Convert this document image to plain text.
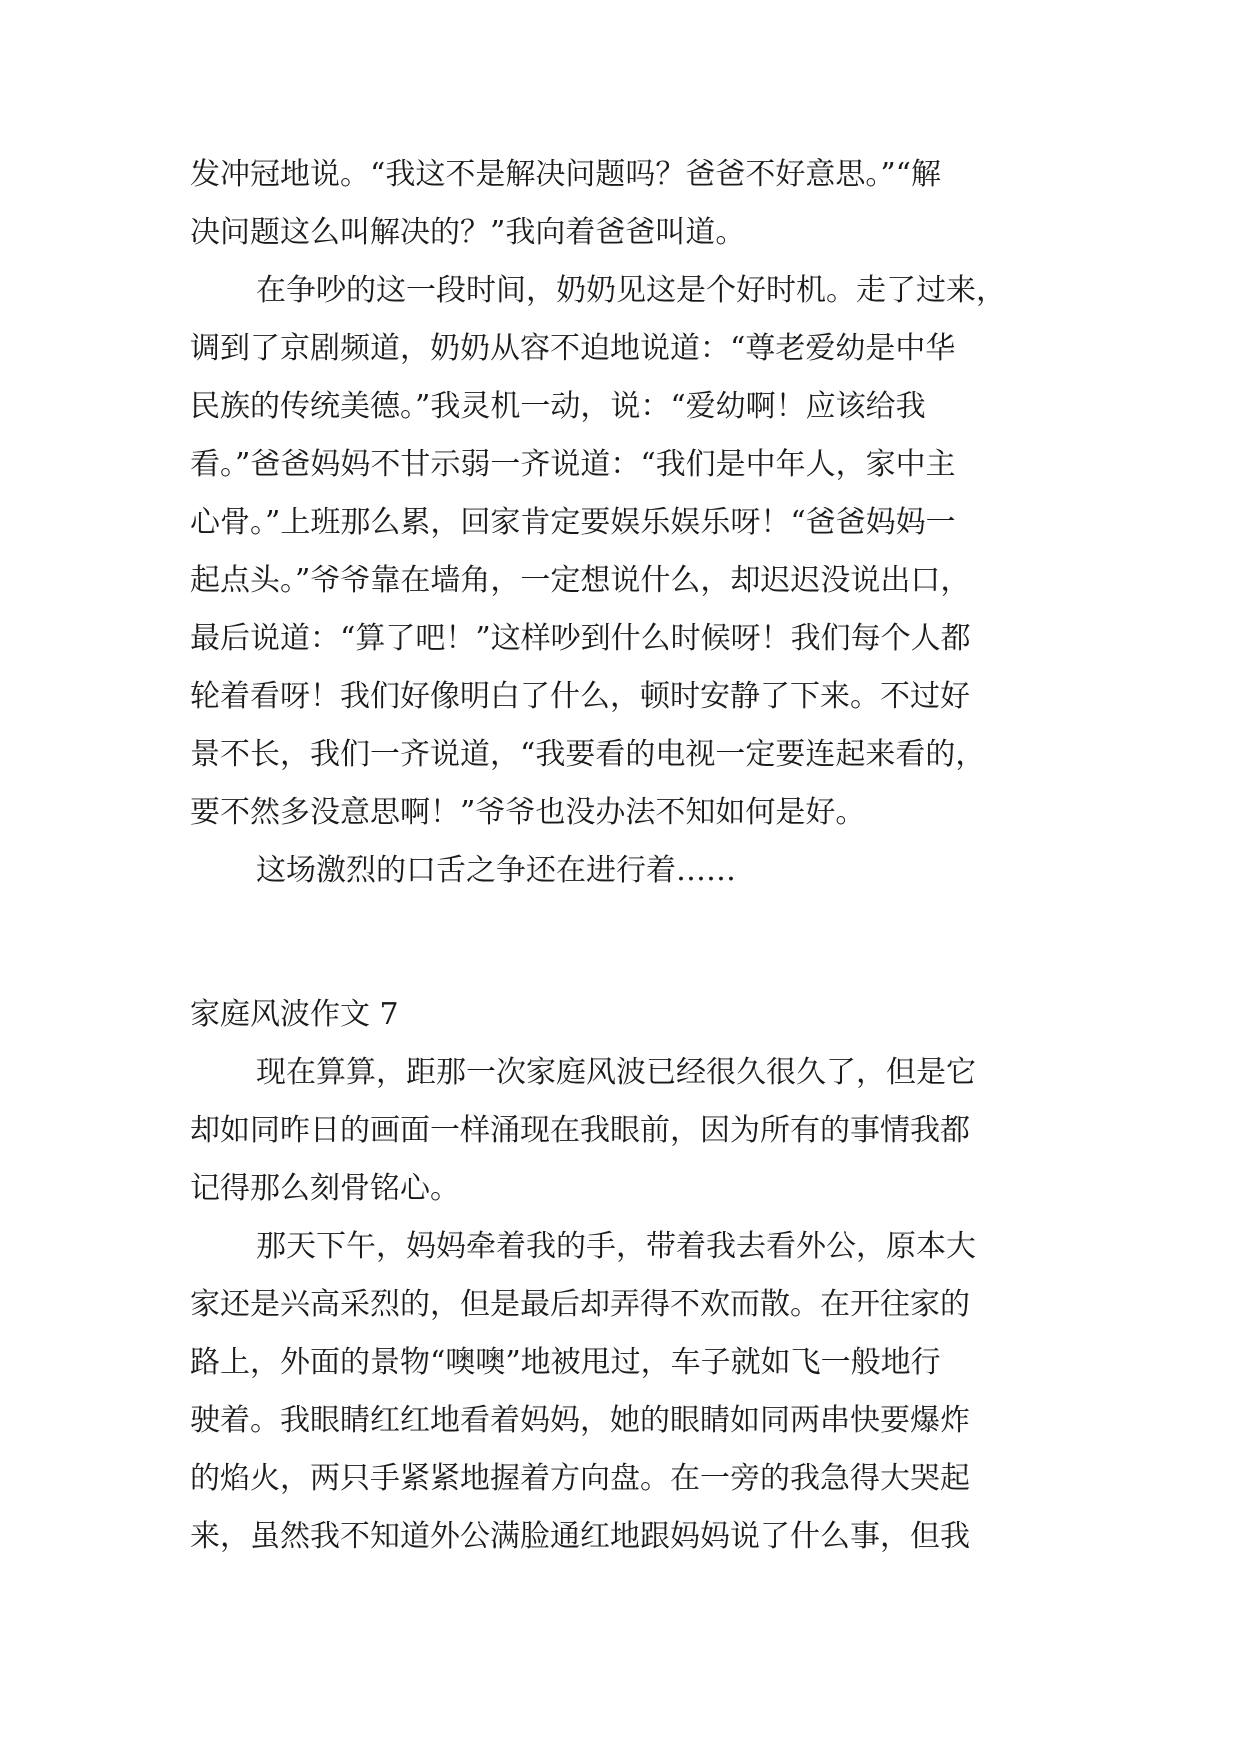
发冲冠地说。“我这不是解决问题吗？爸爸不好意思。”“解
决问题这么叫解决的？”我向着爸爸叫道。
在争吵的这一段时间，奶奶见这是个好时机。走了过来，
调到了京剧频道，奶奶从容不迫地说道：“尊老爱幼是中华
民族的传统美德。”我灵机一动，说：“爱幼啊！应该给我
看。”爸爸妈妈不甘示弱一齐说道：“我们是中年人，家中主
心骨。”上班那么累，回家肯定要娱乐娱乐呀！“爸爸妈妈一
起点头。”爷爷靠在墙角，一定想说什么，却迟迟没说出口，
最后说道：“算了吧！”这样吵到什么时候呀！我们每个人都
轮着看呀！我们好像明白了什么，顿时安静了下来。不过好
景不长，我们一齐说道，“我要看的电视一定要连起来看的，
要不然多没意思啊！”爷爷也没办法不知如何是好。
这场激烈的口舌之争还在进行着……
家庭风波作文 7
现在算算，距那一次家庭风波已经很久很久了，但是它
却如同昨日的画面一样涌现在我眼前，因为所有的事情我都
记得那么刻骨铭心。
那天下午，妈妈牵着我的手，带着我去看外公，原本大
家还是兴高采烈的，但是最后却弄得不欢而散。在开往家的
路上，外面的景物“噢噢”地被甩过，车子就如飞一般地行
驶着。我眼睛红红地看着妈妈，她的眼睛如同两串快要爆炸
的焰火，两只手紧紧地握着方向盘。在一旁的我急得大哭起
来，虽然我不知道外公满脸通红地跟妈妈说了什么事，但我
